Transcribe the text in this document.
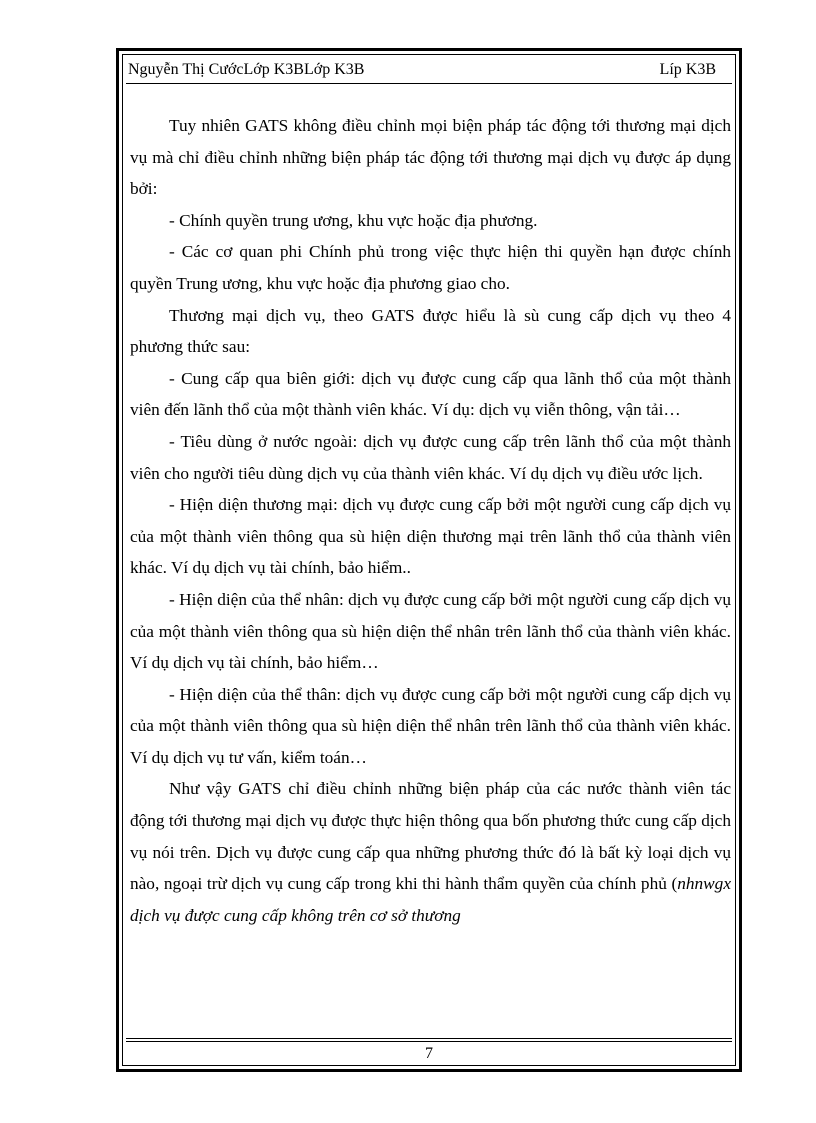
Nguyễn Thị CướcLớp K3BLớp K3B	Líp K3B

Tuy nhiên GATS không điều chỉnh mọi biện pháp tác động tới thương mại dịch vụ mà chỉ điều chỉnh những biện pháp tác động tới thương mại dịch vụ được áp dụng bởi:

- Chính quyền trung ương, khu vực hoặc địa phương.

- Các cơ quan phi Chính phủ trong việc thực hiện thi quyền hạn được chính quyền Trung ương, khu vực hoặc địa phương giao cho.

Thương mại dịch vụ, theo GATS được hiểu là sù cung cấp dịch vụ theo 4 phương thức sau:

- Cung cấp qua biên giới: dịch vụ được cung cấp qua lãnh thổ của một thành viên đến lãnh thổ của một thành viên khác. Ví dụ: dịch vụ viễn thông, vận tải…

- Tiêu dùng ở nước ngoài: dịch vụ được cung cấp trên lãnh thổ của một thành viên cho người tiêu dùng dịch vụ của thành viên khác. Ví dụ dịch vụ điều ước lịch.

- Hiện diện thương mại: dịch vụ được cung cấp bởi một người cung cấp dịch vụ của một thành viên thông qua sù hiện diện thương mại trên lãnh thổ của thành viên khác. Ví dụ dịch vụ tài chính, bảo hiểm..

- Hiện diện của thể nhân: dịch vụ được cung cấp bởi một người cung cấp dịch vụ của một thành viên thông qua sù hiện diện thể nhân trên lãnh thổ của thành viên khác. Ví dụ dịch vụ tài chính, bảo hiểm…

- Hiện diện của thể thân: dịch vụ được cung cấp bởi một người cung cấp dịch vụ của một thành viên thông qua sù hiện diện thể nhân trên lãnh thổ của thành viên khác. Ví dụ dịch vụ tư vấn, kiểm toán…

Như vậy GATS chỉ điều chỉnh những biện pháp của các nước thành viên tác động tới thương mại dịch vụ được thực hiện thông qua bốn phương thức cung cấp dịch vụ nói trên. Dịch vụ được cung cấp qua những phương thức đó là bất kỳ loại dịch vụ nào, ngoại trừ dịch vụ cung cấp trong khi thi hành thẩm quyền của chính phủ (nhnwgx dịch vụ được cung cấp không trên cơ sở thương

7
